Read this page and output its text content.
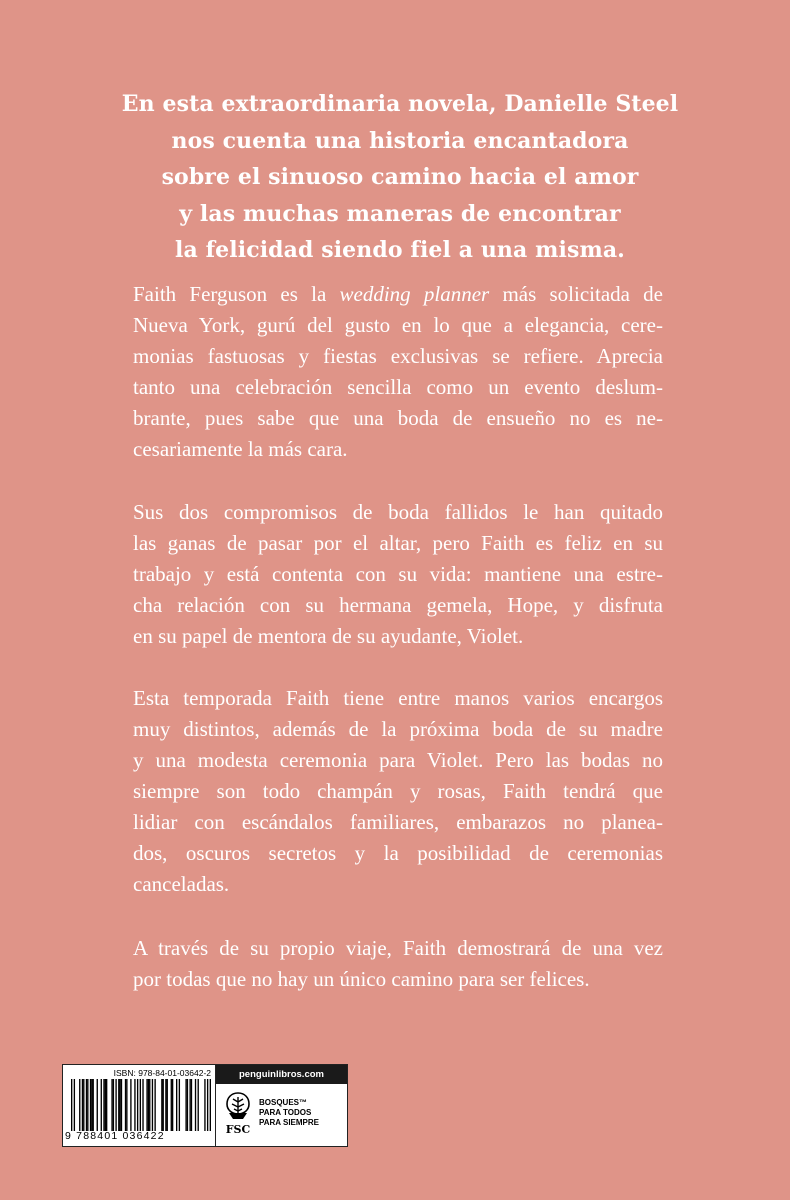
En esta extraordinaria novela, Danielle Steel
nos cuenta una historia encantadora
sobre el sinuoso camino hacia el amor
y las muchas maneras de encontrar
la felicidad siendo fiel a una misma.
Faith Ferguson es la wedding planner más solicitada de
Nueva York, gurú del gusto en lo que a elegancia, cere-
monias fastuosas y fiestas exclusivas se refiere. Aprecia
tanto una celebración sencilla como un evento deslum-
brante, pues sabe que una boda de ensueño no es ne-
cesariamente la más cara.
Sus dos compromisos de boda fallidos le han quitado
las ganas de pasar por el altar, pero Faith es feliz en su
trabajo y está contenta con su vida: mantiene una estre-
cha relación con su hermana gemela, Hope, y disfruta
en su papel de mentora de su ayudante, Violet.
Esta temporada Faith tiene entre manos varios encargos
muy distintos, además de la próxima boda de su madre
y una modesta ceremonia para Violet. Pero las bodas no
siempre son todo champán y rosas, Faith tendrá que
lidiar con escándalos familiares, embarazos no planea-
dos, oscuros secretos y la posibilidad de ceremonias
canceladas.
A través de su propio viaje, Faith demostrará de una vez
por todas que no hay un único camino para ser felices.
ISBN: 978-84-01-03642-2
9 788401 036422
penguinlibros.com
FSC
BOSQUES™
PARA TODOS
PARA SIEMPRE
